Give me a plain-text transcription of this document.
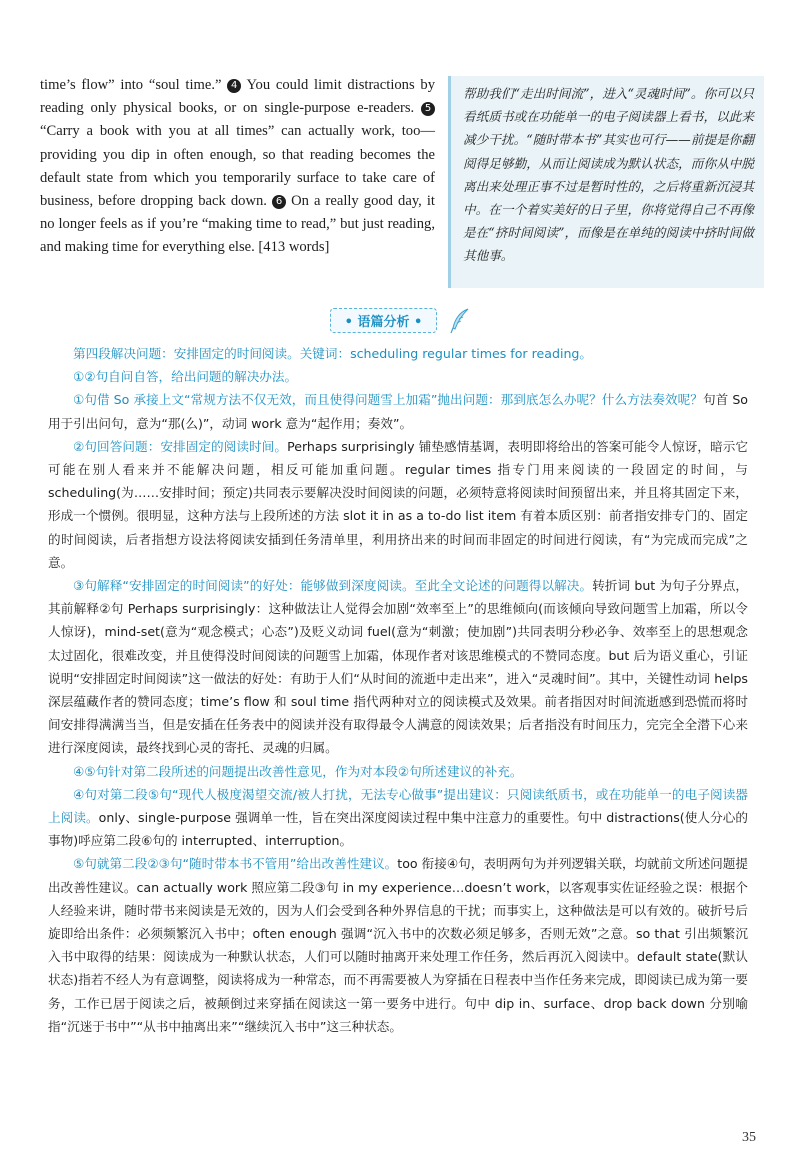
time’s flow” into “soul time.” 4 You could limit distractions by reading only physical books, or on single-purpose e-readers. 5 “Carry a book with you at all times” can actually work, too—providing you dip in often enough, so that reading becomes the default state from which you temporarily surface to take care of business, before dropping back down. 6 On a really good day, it no longer feels as if you’re “making time to read,” but just reading, and making time for everything else. [413 words]

帮助我们“走出时间流”，进入“灵魂时间”。你可以只看纸质书或在功能单一的电子阅读器上看书，以此来减少干扰。“随时带本书”其实也可行——前提是你翻阅得足够勤，从而让阅读成为默认状态，而你从中脱离出来处理正事不过是暂时性的，之后将重新沉浸其中。在一个着实美好的日子里，你将觉得自己不再像是在“挤时间阅读”，而像是在单纯的阅读中挤时间做其他事。

• 语篇分析 •

第四段解决问题：安排固定的时间阅读。关键词：scheduling regular times for reading。

①②句自问自答，给出问题的解决办法。

①句借 So 承接上文“常规方法不仅无效，而且使得问题雪上加霜”抛出问题：那到底怎么办呢？什么方法奏效呢？句首 So 用于引出问句，意为“那(么)”，动词 work 意为“起作用；奏效”。

②句回答问题：安排固定的阅读时间。Perhaps surprisingly 铺垫感情基调，表明即将给出的答案可能令人惊讶，暗示它可能在别人看来并不能解决问题，相反可能加重问题。regular times 指专门用来阅读的一段固定的时间，与 scheduling(为……安排时间；预定)共同表示要解决没时间阅读的问题，必须特意将阅读时间预留出来，并且将其固定下来，形成一个惯例。很明显，这种方法与上段所述的方法 slot it in as a to-do list item 有着本质区别：前者指安排专门的、固定的时间阅读，后者指想方设法将阅读安插到任务清单里，利用挤出来的时间而非固定的时间进行阅读，有“为完成而完成”之意。

③句解释“安排固定的时间阅读”的好处：能够做到深度阅读。至此全文论述的问题得以解决。转折词 but 为句子分界点，其前解释②句 Perhaps surprisingly：这种做法让人觉得会加剧“效率至上”的思维倾向(而该倾向导致问题雪上加霜，所以令人惊讶)，mind-set(意为“观念模式；心态”)及贬义动词 fuel(意为“刺激；使加剧”)共同表明分秒必争、效率至上的思想观念太过固化，很难改变，并且使得没时间阅读的问题雪上加霜，体现作者对该思维模式的不赞同态度。but 后为语义重心，引证说明“安排固定时间阅读”这一做法的好处：有助于人们“从时间的流逝中走出来”，进入“灵魂时间”。其中，关键性动词 helps 深层蕴藏作者的赞同态度；time’s flow 和 soul time 指代两种对立的阅读模式及效果。前者指因对时间流逝感到恐慌而将时间安排得满满当当，但是安插在任务表中的阅读并没有取得最令人满意的阅读效果；后者指没有时间压力，完完全全潜下心来进行深度阅读，最终找到心灵的寄托、灵魂的归属。

④⑤句针对第二段所述的问题提出改善性意见，作为对本段②句所述建议的补充。

④句对第二段⑤句“现代人极度渴望交流/被人打扰，无法专心做事”提出建议：只阅读纸质书，或在功能单一的电子阅读器上阅读。only、single-purpose 强调单一性，旨在突出深度阅读过程中集中注意力的重要性。句中 distractions(使人分心的事物)呼应第二段⑥句的 interrupted、interruption。

⑤句就第二段②③句“随时带本书不管用”给出改善性建议。too 衔接④句，表明两句为并列逻辑关联，均就前文所述问题提出改善性建议。can actually work 照应第二段③句 in my experience…doesn’t work，以客观事实佐证经验之误：根据个人经验来讲，随时带书来阅读是无效的，因为人们会受到各种外界信息的干扰；而事实上，这种做法是可以有效的。破折号后旋即给出条件：必须频繁沉入书中；often enough 强调“沉入书中的次数必须足够多，否则无效”之意。so that 引出频繁沉入书中取得的结果：阅读成为一种默认状态，人们可以随时抽离开来处理工作任务，然后再沉入阅读中。default state(默认状态)指若不经人为有意调整，阅读将成为一种常态，而不再需要被人为穿插在日程表中当作任务来完成，即阅读已成为第一要务，工作已居于阅读之后，被颠倒过来穿插在阅读这一第一要务中进行。句中 dip in、surface、drop back down 分别喻指“沉迷于书中”“从书中抽离出来”“继续沉入书中”这三种状态。

35
